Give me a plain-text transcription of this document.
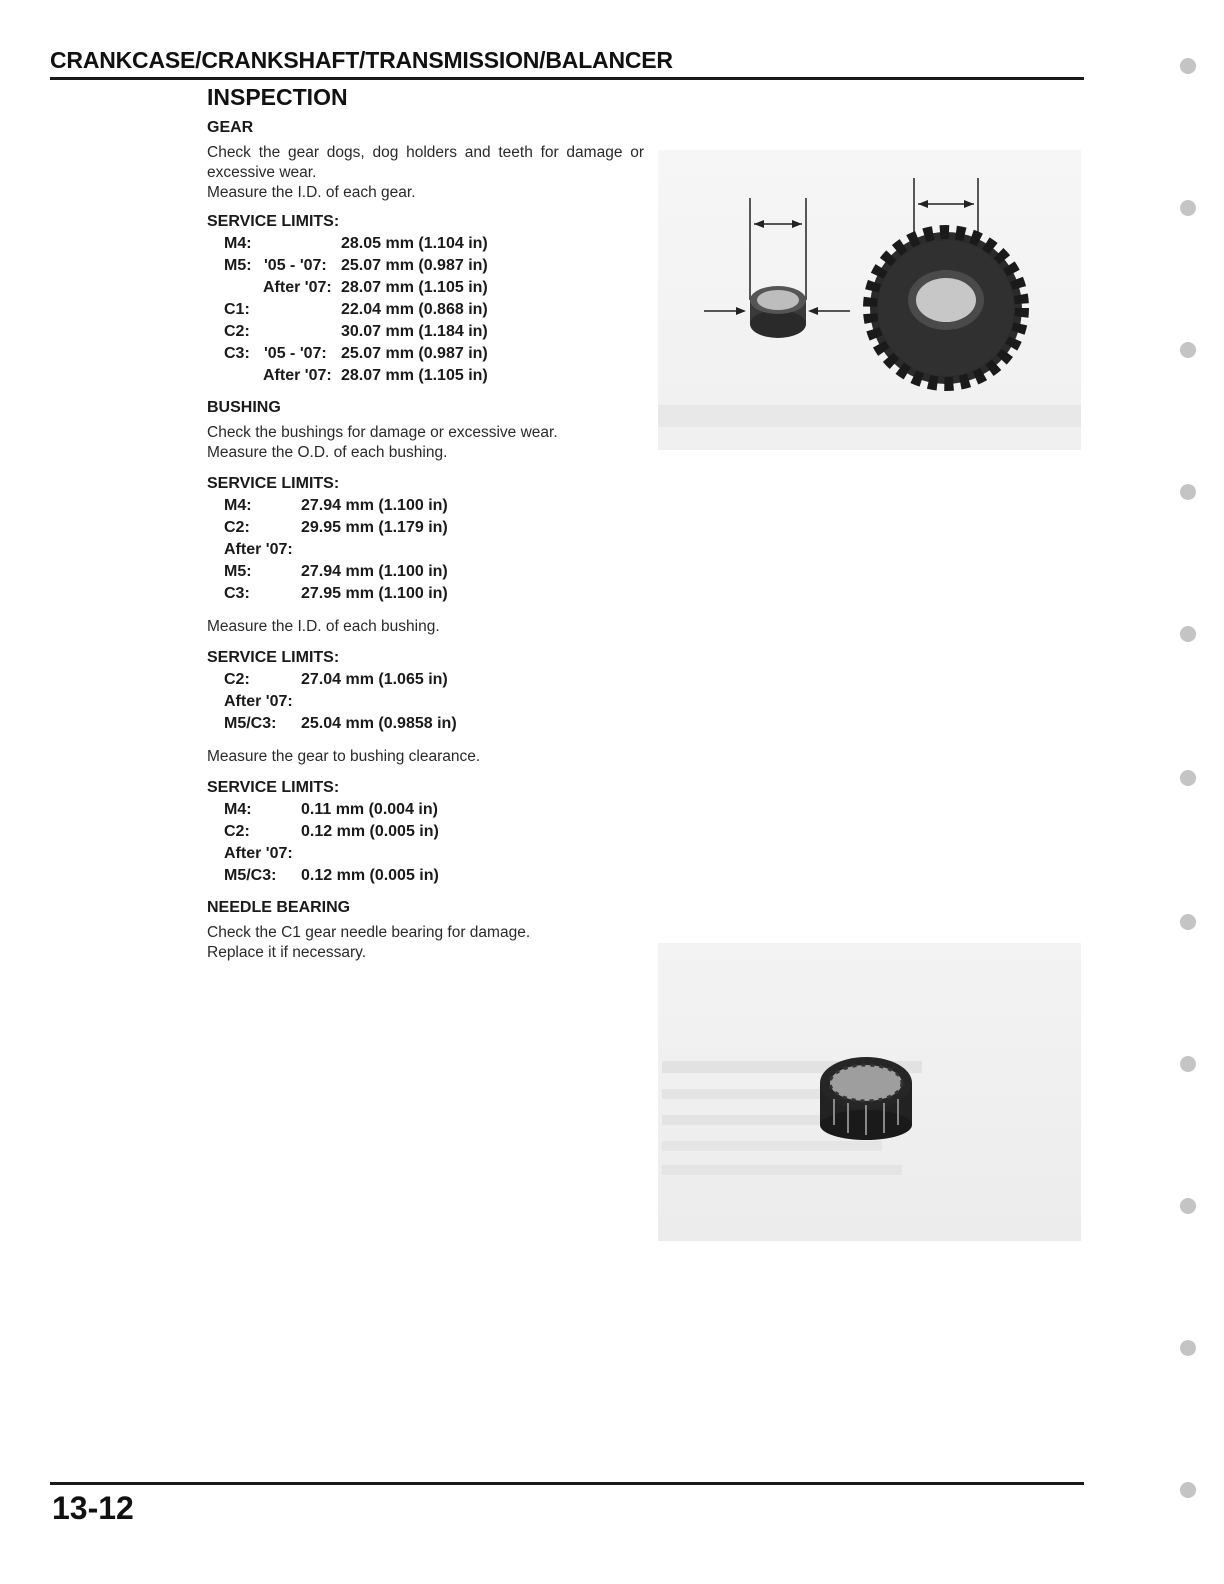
CRANKCASE/CRANKSHAFT/TRANSMISSION/BALANCER
INSPECTION
GEAR

Check the gear dogs, dog holders and teeth for damage or excessive wear.

Measure the I.D. of each gear.

SERVICE LIMITS:
M4:	28.05 mm (1.104 in)
M5: '05 - '07: 25.07 mm (0.987 in)
After '07: 28.07 mm (1.105 in)
C1:	22.04 mm (0.868 in)
C2:	30.07 mm (1.184 in)
C3: '05 - '07: 25.07 mm (0.987 in)
After '07: 28.07 mm (1.105 in)
BUSHING

Check the bushings for damage or excessive wear.

Measure the O.D. of each bushing.

SERVICE LIMITS:
M4:	27.94 mm (1.100 in)
C2:	29.95 mm (1.179 in)
After '07:
M5:	27.94 mm (1.100 in)
C3:	27.95 mm (1.100 in)

Measure the I.D. of each bushing.

SERVICE LIMITS:
C2:	27.04 mm (1.065 in)
After '07:
M5/C3: 25.04 mm (0.9858 in)

Measure the gear to bushing clearance.

SERVICE LIMITS:
M4:	0.11 mm (0.004 in)
C2:	0.12 mm (0.005 in)
After '07:
M5/C3: 0.12 mm (0.005 in)
NEEDLE BEARING

Check the C1 gear needle bearing for damage.

Replace it if necessary.

13-12
